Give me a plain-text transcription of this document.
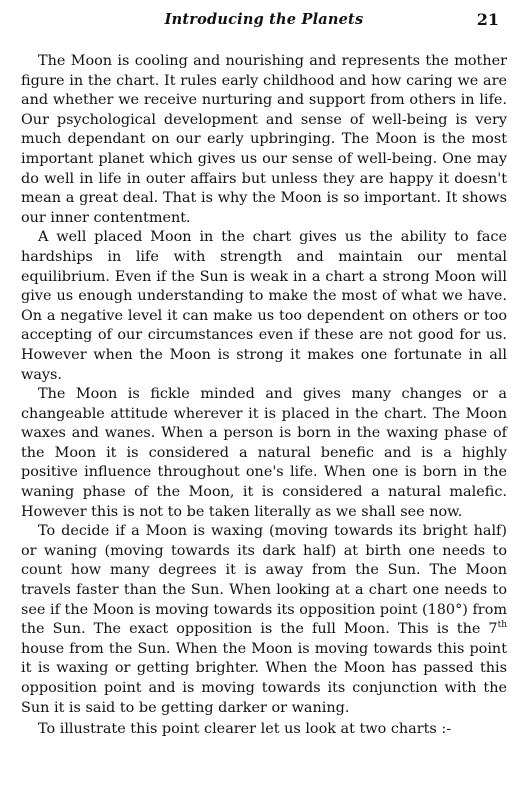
Introducing the Planets	21

The Moon is cooling and nourishing and represents the mother figure in the chart. It rules early childhood and how caring we are and whether we receive nurturing and support from others in life. Our psychological development and sense of well-being is very much dependant on our early upbringing. The Moon is the most important planet which gives us our sense of well-being. One may do well in life in outer affairs but unless they are happy it doesn't mean a great deal. That is why the Moon is so important. It shows our inner contentment.

A well placed Moon in the chart gives us the ability to face hardships in life with strength and maintain our mental equilibrium. Even if the Sun is weak in a chart a strong Moon will give us enough understanding to make the most of what we have. On a negative level it can make us too dependent on others or too accepting of our circumstances even if these are not good for us. However when the Moon is strong it makes one fortunate in all ways.

The Moon is fickle minded and gives many changes or a changeable attitude wherever it is placed in the chart. The Moon waxes and wanes. When a person is born in the waxing phase of the Moon it is considered a natural benefic and is a highly positive influence throughout one's life. When one is born in the waning phase of the Moon, it is considered a natural malefic. However this is not to be taken literally as we shall see now.

To decide if a Moon is waxing (moving towards its bright half) or waning (moving towards its dark half) at birth one needs to count how many degrees it is away from the Sun. The Moon travels faster than the Sun. When looking at a chart one needs to see if the Moon is moving towards its opposition point (180°) from the Sun. The exact opposition is the full Moon. This is the 7th house from the Sun. When the Moon is moving towards this point it is waxing or getting brighter. When the Moon has passed this opposition point and is moving towards its conjunction with the Sun it is said to be getting darker or waning.

To illustrate this point clearer let us look at two charts :-
